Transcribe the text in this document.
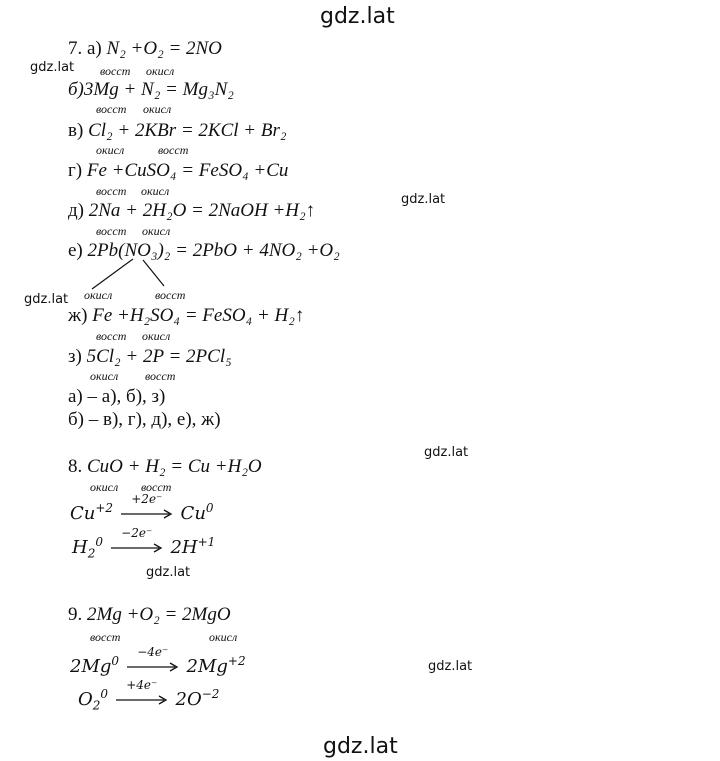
gdz.lat
gdz.lat
gdz.lat
gdz.lat
gdz.lat
gdz.lat
gdz.lat
gdz.lat
7. а) N₂ +O₂ = 2NO
восст окисл
б)3Mg + N₂ = Mg₃N₂
восст окисл
в) Cl₂ + 2KBr = 2KCl + Br₂
окисл	восст
г) Fe +CuSO₄ = FeSO₄ +Cu
восст окисл
д) 2Na + 2H₂O = 2NaOH +H₂↑
восст окисл
е) 2Pb(NO₃)₂ = 2PbO + 4NO₂ +O₂
окисл	восст
ж) Fe +H₂SO₄ = FeSO₄ + H₂↑
восст окисл
з) 5Cl₂ + 2P = 2PCl₅
окисл восст
а) – а), б), з)
б) – в), г), д), е), ж)
8. CuO + H₂ = Cu +H₂O
окисл восст
$Cu^{+2}$
+2e⁻
Cu$^0$
$H_2^0$
−2e⁻
$2H^{+1}$
9. 2Mg +O₂ = 2MgO
восст	окисл
2Mg$^0$
−4e⁻
$2Mg^{+2}$
$O_2^0$
+4e⁻
$2O^{-2}$
